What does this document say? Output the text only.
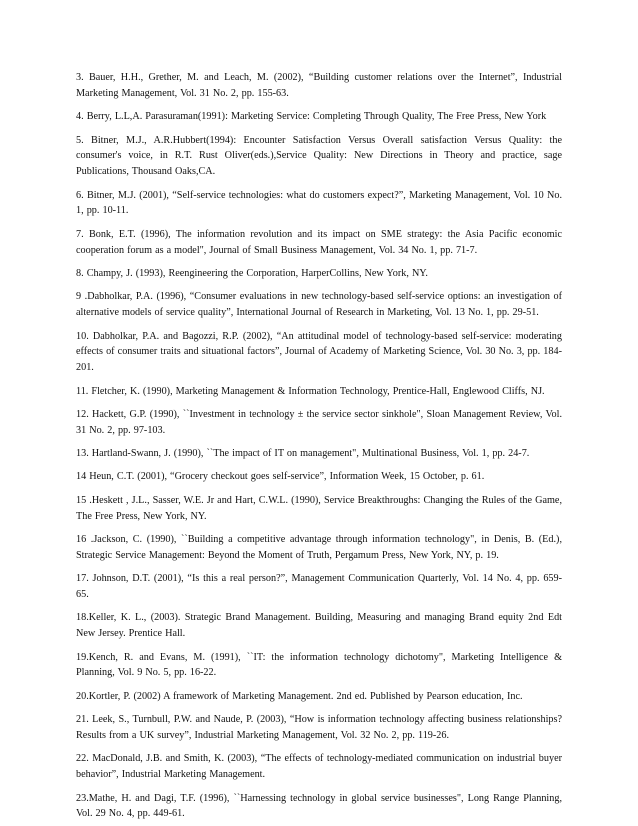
3. Bauer, H.H., Grether, M. and Leach, M. (2002), “Building customer relations over the Internet”, Industrial Marketing Management, Vol. 31 No. 2, pp. 155-63.

4. Berry, L.L,A. Parasuraman(1991): Marketing Service: Completing Through Quality, The Free Press, New York

5. Bitner, M.J., A.R.Hubbert(1994): Encounter Satisfaction Versus Overall satisfaction Versus Quality: the consumer's voice, in R.T. Rust Oliver(eds.),Service Quality: New Directions in Theory and practice, sage Publications, Thousand Oaks,CA.

6. Bitner, M.J. (2001), “Self-service technologies: what do customers expect?”, Marketing Management, Vol. 10 No. 1, pp. 10-11.

7. Bonk, E.T. (1996), The information revolution and its impact on SME strategy: the Asia Pacific economic cooperation forum as a model", Journal of Small Business Management, Vol. 34 No. 1, pp. 71-7.

8. Champy, J. (1993), Reengineering the Corporation, HarperCollins, New York, NY.

9 .Dabholkar, P.A. (1996), “Consumer evaluations in new technology-based self-service options: an investigation of alternative models of service quality”, International Journal of Research in Marketing, Vol. 13 No. 1, pp. 29-51.

10. Dabholkar, P.A. and Bagozzi, R.P. (2002), “An attitudinal model of technology-based self-service: moderating effects of consumer traits and situational factors”, Journal of Academy of Marketing Science, Vol. 30 No. 3, pp. 184-201.

11. Fletcher, K. (1990), Marketing Management & Information Technology, Prentice-Hall, Englewood Cliffs, NJ.

12. Hackett, G.P. (1990), ``Investment in technology ± the service sector sinkhole", Sloan Management Review, Vol. 31 No. 2, pp. 97-103.

13. Hartland-Swann, J. (1990), ``The impact of IT on management", Multinational Business, Vol. 1, pp. 24-7.

14 Heun, C.T. (2001), “Grocery checkout goes self-service”, Information Week, 15 October, p. 61.

15 .Heskett , J.L., Sasser, W.E. Jr and Hart, C.W.L. (1990), Service Breakthroughs: Changing the Rules of the Game, The Free Press, New York, NY.

16 .Jackson, C. (1990), ``Building a competitive advantage through information technology", in Denis, B. (Ed.), Strategic Service Management: Beyond the Moment of Truth, Pergamum Press, New York, NY, p. 19.

17. Johnson, D.T. (2001), “Is this a real person?”, Management Communication Quarterly, Vol. 14 No. 4, pp. 659-65.

18.Keller, K. L., (2003). Strategic Brand Management. Building, Measuring and managing Brand equity 2nd Edt New Jersey. Prentice Hall.

19.Kench, R. and Evans, M. (1991), ``IT: the information technology dichotomy", Marketing Intelligence & Planning, Vol. 9 No. 5, pp. 16-22.

20.Kortler, P. (2002) A framework of Marketing Management. 2nd ed. Published by Pearson education, Inc.

21. Leek, S., Turnbull, P.W. and Naude, P. (2003), “How is information technology affecting business relationships? Results from a UK survey”, Industrial Marketing Management, Vol. 32 No. 2, pp. 119-26.

22. MacDonald, J.B. and Smith, K. (2003), “The effects of technology-mediated communication on industrial buyer behavior”, Industrial Marketing Management.

23.Mathe, H. and Dagi, T.F. (1996), ``Harnessing technology in global service businesses", Long Range Planning, Vol. 29 No. 4, pp. 449-61.
